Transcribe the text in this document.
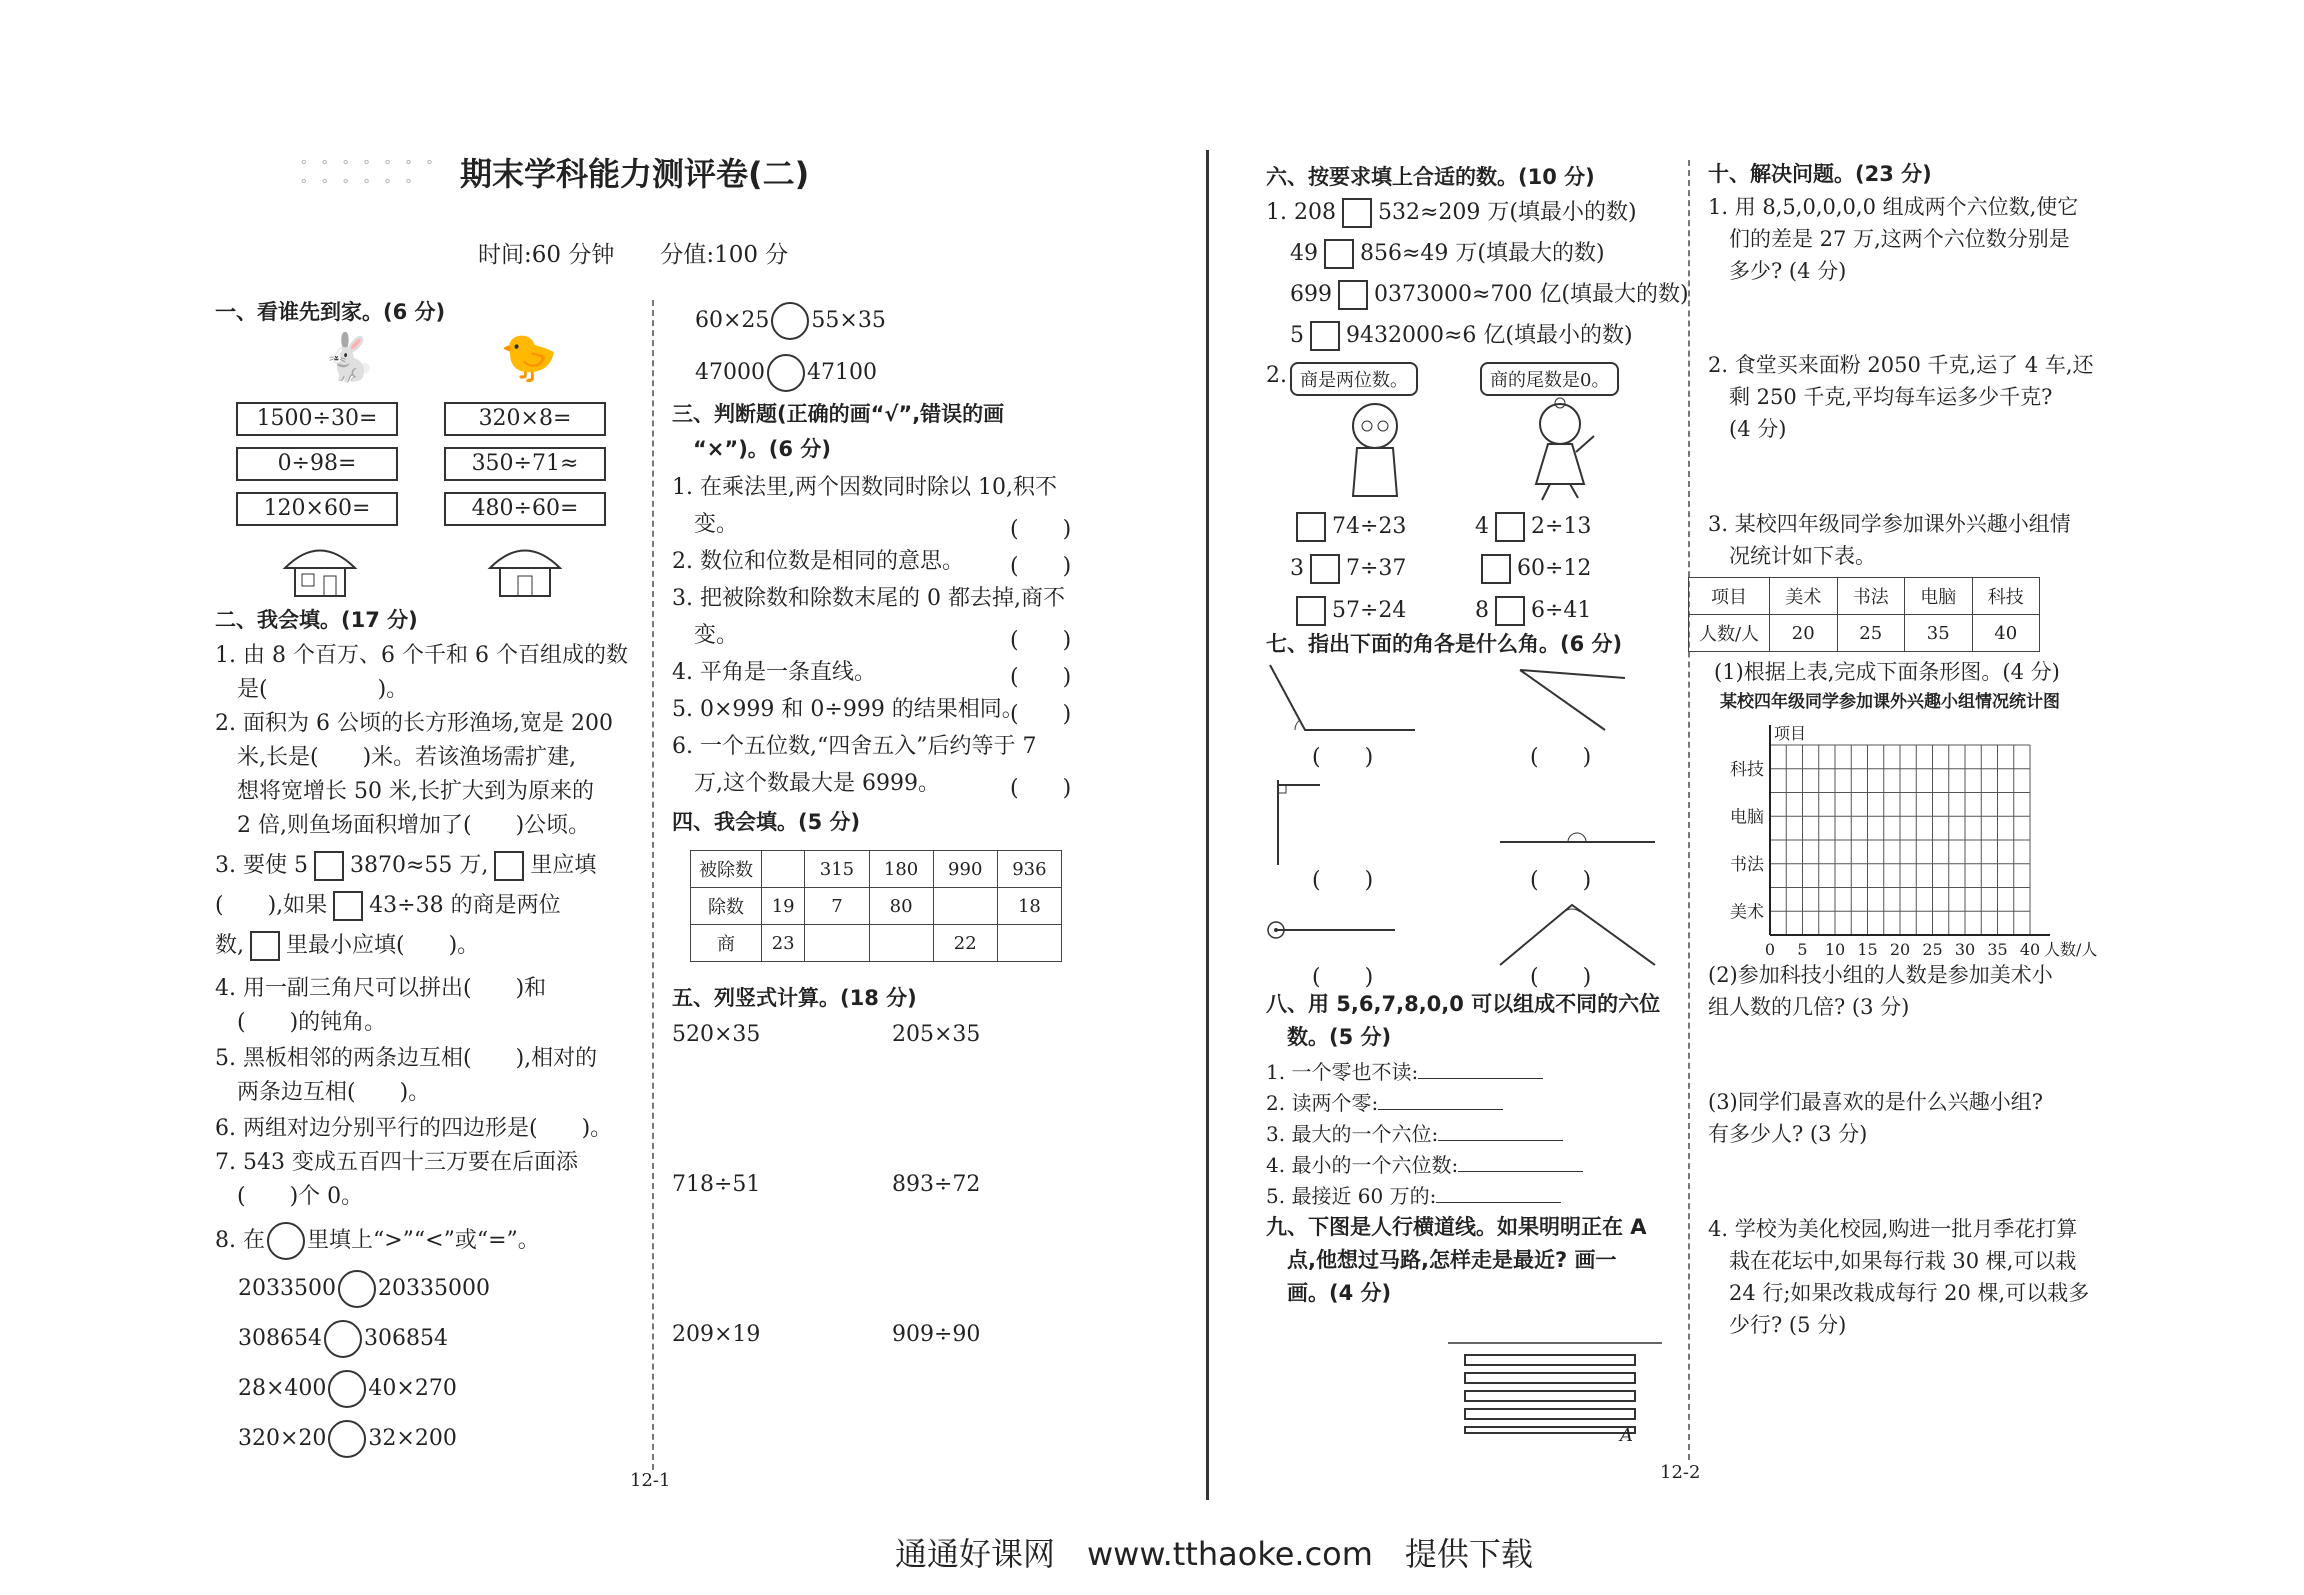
∘ ∘ ∘ ∘ ∘ ∘ ∘
∘ ∘ ∘ ∘ ∘ ∘	期末学科能力测评卷(二)
时间:60 分钟　　分值:100 分
一、看谁先到家。(6 分)
🐇	🐤
1500÷30=	320×8=
0÷98=	350÷71≈
120×60=	480÷60=
二、我会填。(17 分)
1. 由 8 个百万、6 个千和 6 个百组成的数
　是(　　　　　)。
2. 面积为 6 公顷的长方形渔场,宽是 200
　米,长是(　　)米。若该渔场需扩建,
　想将宽增长 50 米,长扩大到为原来的
　2 倍,则鱼场面积增加了(　　)公顷。
3. 要使 5 3870≈55 万, 里应填
(　　),如果 43÷38 的商是两位
数, 里最小应填(　　)。
4. 用一副三角尺可以拼出(　　)和
　(　　)的钝角。
5. 黑板相邻的两条边互相(　　),相对的
　两条边互相(　　)。
6. 两组对边分别平行的四边形是(　　)。
7. 543 变成五百四十三万要在后面添
　(　　)个 0。
8. 在 里填上“>”“<”或“=”。
2033500 20335000
308654 306854
28×400 40×270
320×20 32×200
60×25 55×35
47000 47100
三、判断题(正确的画“√”,错误的画
　“×”)。(6 分)
1. 在乘法里,两个因数同时除以 10,积不
　变。
2. 数位和位数是相同的意思。
3. 把被除数和除数末尾的 0 都去掉,商不
　变。
4. 平角是一条直线。
5. 0×999 和 0÷999 的结果相同。
6. 一个五位数,“四舍五入”后约等于 7
　万,这个数最大是 6999。
(　　)
(　　)
(　　)
(　　)
(　　)
(　　)
四、我会填。(5 分)
被除数		315	180	990	936
除数	19	7	80		18
商	23			22	
五、列竖式计算。(18 分)
520×35	205×35
718÷51	893÷72
209×19	909÷90
12-1
六、按要求填上合适的数。(10 分)
1. 208 532≈209 万(填最小的数)
49 856≈49 万(填最大的数)
699 0373000≈700 亿(填最大的数)
5 9432000≈6 亿(填最小的数)
2. 商是两位数。	商的尾数是0。
74÷23	4 2÷13
3 7÷37	60÷12
57÷24	8 6÷41
七、指出下面的角各是什么角。(6 分)
(　　)	(　　)
(　　)	(　　)
(　　)	(　　)
八、用 5,6,7,8,0,0 可以组成不同的六位
　数。(5 分)
1. 一个零也不读:
2. 读两个零:
3. 最大的一个六位:
4. 最小的一个六位数:
5. 最接近 60 万的:
九、下图是人行横道线。如果明明正在 A
　点,他想过马路,怎样走是最近? 画一
　画。(4 分)
A
12-2
十、解决问题。(23 分)
1. 用 8,5,0,0,0,0 组成两个六位数,使它
　们的差是 27 万,这两个六位数分别是
　多少? (4 分)
2. 食堂买来面粉 2050 千克,运了 4 车,还
　剩 250 千克,平均每车运多少千克?
　(4 分)
3. 某校四年级同学参加课外兴趣小组情
　况统计如下表。
项目	美术	书法	电脑	科技
人数/人	20	25	35	40
(1)根据上表,完成下面条形图。(4 分)
某校四年级同学参加课外兴趣小组情况统计图
项目
人数/人
0 5 10 15 20 25 30 35 40
科技
电脑
书法
美术
(2)参加科技小组的人数是参加美术小
组人数的几倍? (3 分)
(3)同学们最喜欢的是什么兴趣小组?
有多少人? (3 分)
4. 学校为美化校园,购进一批月季花打算
　栽在花坛中,如果每行栽 30 棵,可以栽
　24 行;如果改栽成每行 20 棵,可以栽多
　少行? (5 分)
通通好课网　www.tthaoke.com　提供下载
